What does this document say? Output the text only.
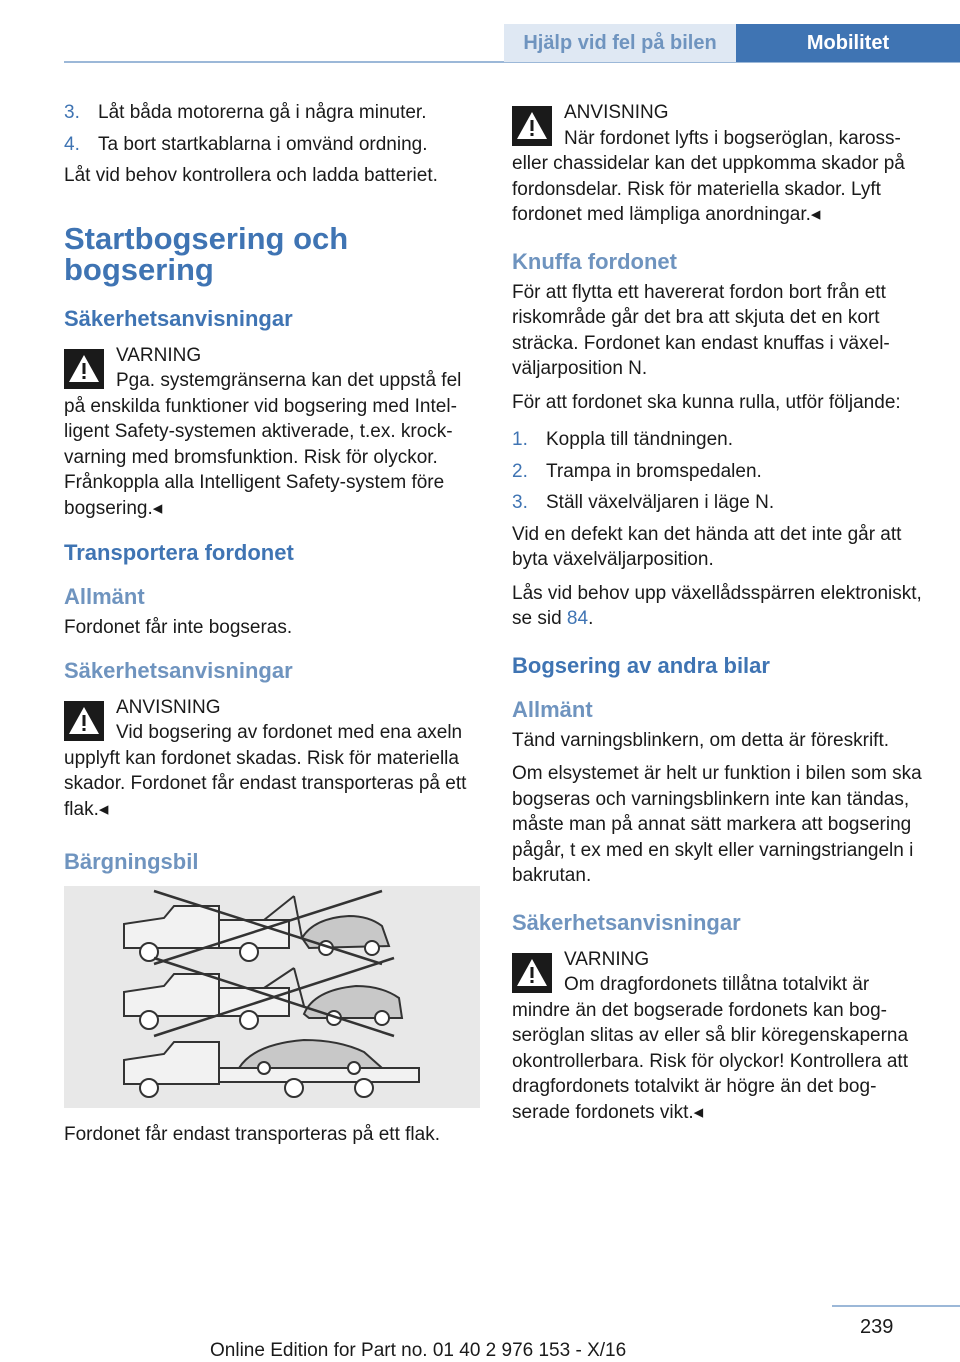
Hjälp vid fel på bilen	Mobilitet
3. Låt båda motorerna gå i några minuter.
4. Ta bort startkablarna i omvänd ordning.

Låt vid behov kontrollera och ladda batteriet.

Startbogsering och bogsering
Säkerhetsanvisningar
VARNING
Pga. systemgränserna kan det uppstå fel på enskilda funktioner vid bogsering med Intelligent Safety-systemen aktiverade, t.ex. krockvarning med bromsfunktion. Risk för olyckor. Frånkoppla alla Intelligent Safety-system före bogsering.◂
Transportera fordonet
Allmänt

Fordonet får inte bogseras.

Säkerhetsanvisningar
ANVISNING
Vid bogsering av fordonet med ena axeln upplyft kan fordonet skadas. Risk för materiella skador. Fordonet får endast transporteras på ett flak.◂
Bärgningsbil

Fordonet får endast transporteras på ett flak.

ANVISNING
När fordonet lyfts i bogseröglan, kaross- eller chassidelar kan det uppkomma skador på fordonsdelar. Risk för materiella skador. Lyft fordonet med lämpliga anordningar.◂
Knuffa fordonet

För att flytta ett havererat fordon bort från ett riskområde går det bra att skjuta det en kort sträcka. Fordonet kan endast knuffas i växelväljarposition N.

För att fordonet ska kunna rulla, utför följande:

1. Koppla till tändningen.
2. Trampa in bromspedalen.
3. Ställ växelväljaren i läge N.

Vid en defekt kan det hända att det inte går att byta växelväljarposition.

Lås vid behov upp växellådsspärren elektroniskt, se sid 84.

Bogsering av andra bilar
Allmänt

Tänd varningsblinkern, om detta är föreskrift.

Om elsystemet är helt ur funktion i bilen som ska bogseras och varningsblinkern inte kan tändas, måste man på annat sätt markera att bogsering pågår, t ex med en skylt eller varningstriangeln i bakrutan.

Säkerhetsanvisningar
VARNING
Om dragfordonets tillåtna totalvikt är mindre än det bogserade fordonets kan bogseröglan slitas av eller så blir köregenskaperna okontrollerbara. Risk för olyckor! Kontrollera att dragfordonets totalvikt är högre än det bogserade fordonets vikt.◂
239
Online Edition for Part no. 01 40 2 976 153 - X/16
